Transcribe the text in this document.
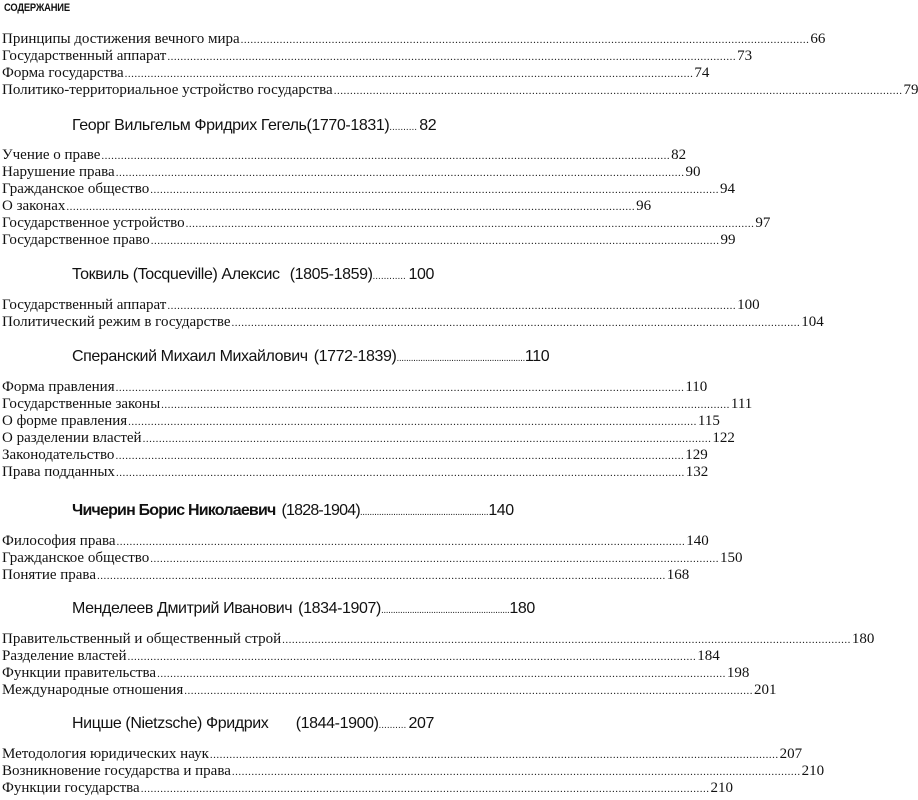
СОДЕРЖАНИЕ
Принципы достижения вечного мира .....	66
Государственный аппарат .....	73
Форма государства .....	74
Политико-территориальное устройство государства .....	79
Георг Вильгельм Фридрих Гегель (1770-1831) .......... 82
Учение о праве .....	82
Нарушение права .....	90
Гражданское общество .....	94
О законах .....	96
Государственное устройство .....	97
Государственное право .....	99
Токвиль (Tocqueville) Алексис (1805-1859) ............ 100
Государственный аппарат .....	100
Политический режим в государстве .....	104
Сперанский Михаил Михайлович (1772-1839) ...................................................... 110
Форма правления .....	110
Государственные законы .....	111
О форме правления .....	115
О разделении властей .....	122
Законодательство .....	129
Права подданных .....	132
Чичерин Борис Николаевич (1828-1904) ...................................................... 140
Философия права .....	140
Гражданское общество .....	150
Понятие права .....	168
Менделеев Дмитрий Иванович (1834-1907) ...................................................... 180
Правительственный и общественный строй .....	180
Разделение властей .....	184
Функции правительства .....	198
Международные отношения .....	201
Ницше (Nietzsche) Фридрих (1844-1900) .......... 207
Методология юридических наук .....	207
Возникновение государства и права .....	210
Функции государства .....	210
